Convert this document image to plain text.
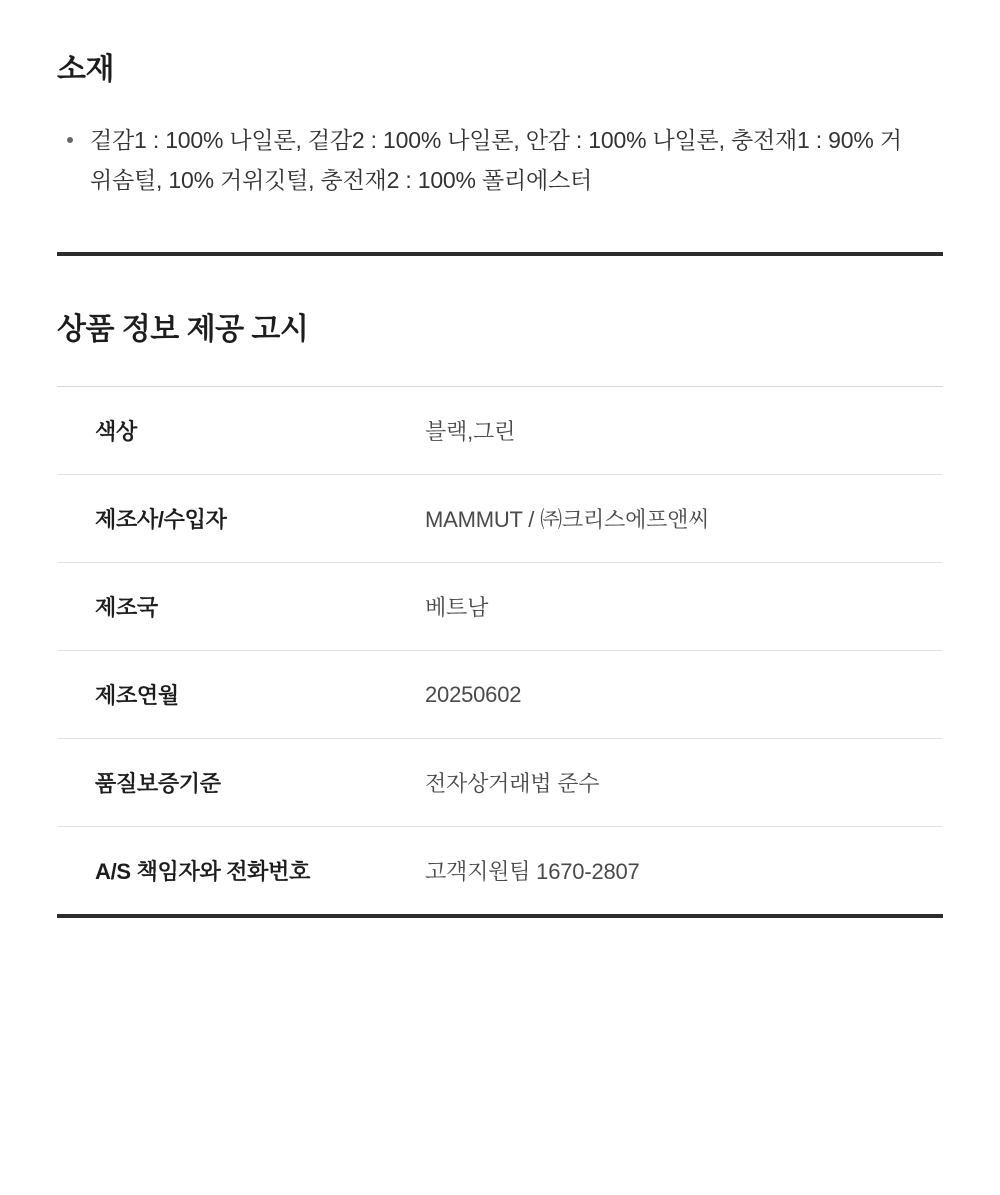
소재
겉감1 : 100% 나일론, 겉감2 : 100% 나일론, 안감 : 100% 나일론, 충전재1 : 90% 거위솜털, 10% 거위깃털, 충전재2 : 100% 폴리에스터
상품 정보 제공 고시
색상	블랙,그린
제조사/수입자	MAMMUT / ㈜크리스에프앤씨
제조국	베트남
제조연월	20250602
품질보증기준	전자상거래법 준수
A/S 책임자와 전화번호	고객지원팀 1670-2807
